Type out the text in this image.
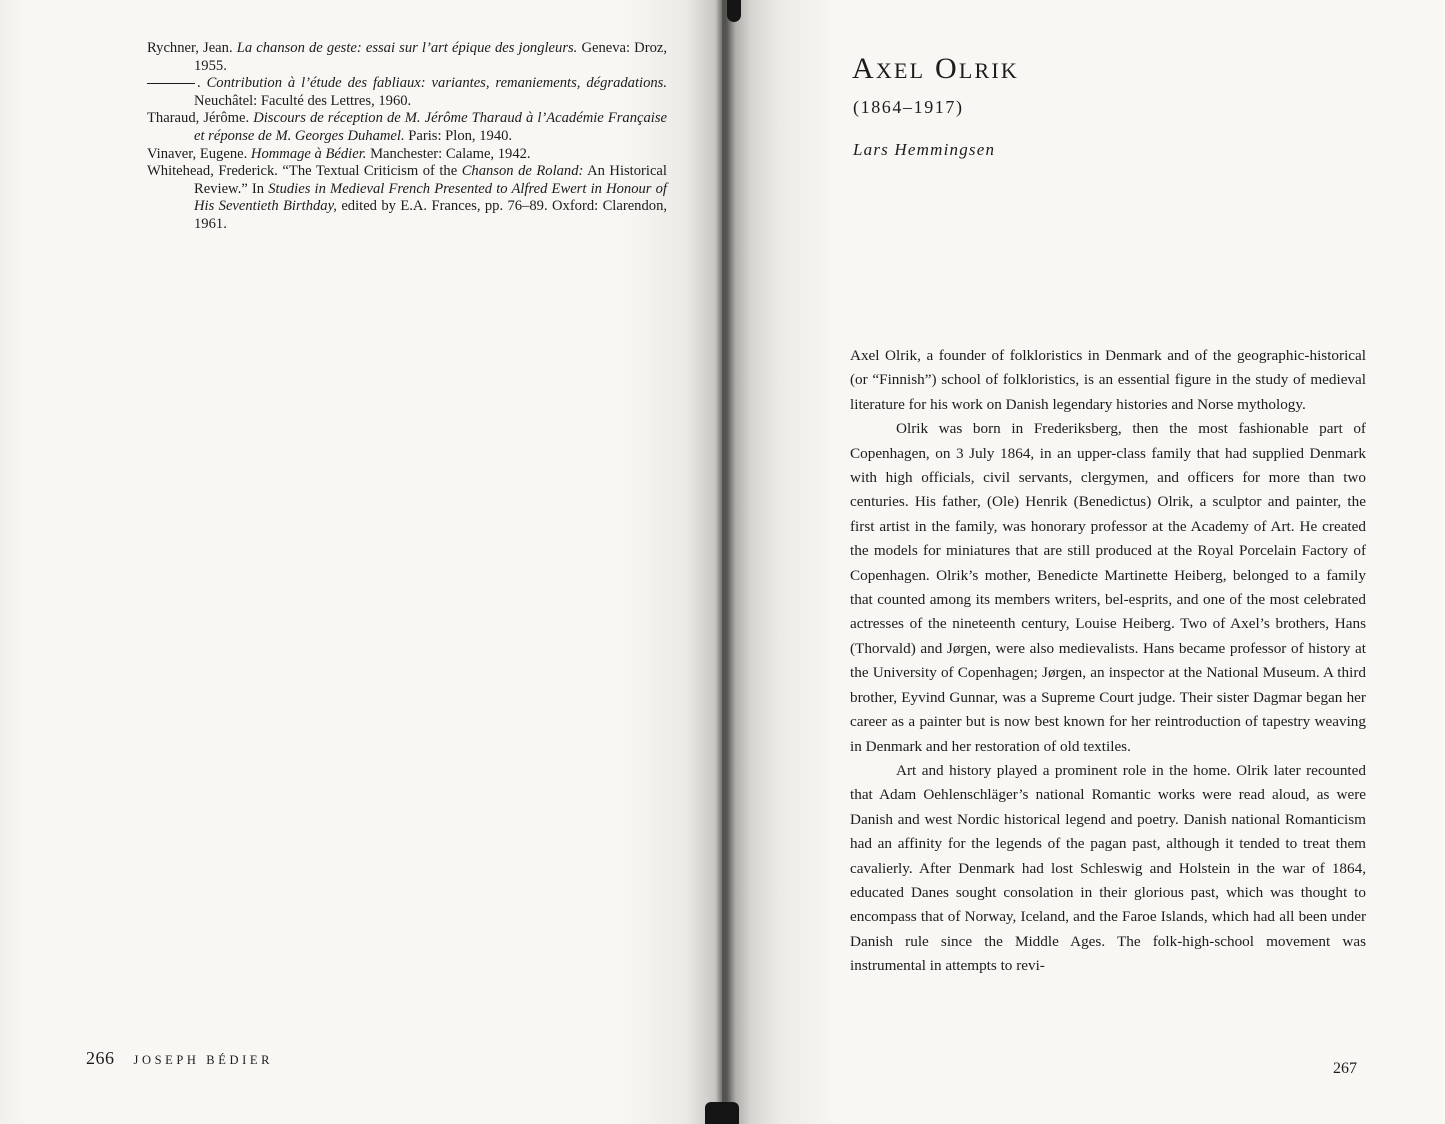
Rychner, Jean. La chanson de geste: essai sur l’art épique des jongleurs. Geneva: Droz, 1955.
. Contribution à l’étude des fabliaux: variantes, remaniements, dégradations. Neuchâtel: Faculté des Lettres, 1960.
Tharaud, Jérôme. Discours de réception de M. Jérôme Tharaud à l’Académie Française et réponse de M. Georges Duhamel. Paris: Plon, 1940.
Vinaver, Eugene. Hommage à Bédier. Manchester: Calame, 1942.
Whitehead, Frederick. “The Textual Criticism of the Chanson de Roland: An Historical Review.” In Studies in Medieval French Presented to Alfred Ewert in Honour of His Seventieth Birthday, edited by E.A. Frances, pp. 76–89. Oxford: Clarendon, 1961.
266 JOSEPH BÉDIER
AXEL OLRIK

(1864–1917)

Lars Hemmingsen

Axel Olrik, a founder of folkloristics in Denmark and of the geographic-historical (or “Finnish”) school of folkloristics, is an essential figure in the study of medieval literature for his work on Danish legendary histories and Norse mythology.

Olrik was born in Frederiksberg, then the most fashionable part of Copenhagen, on 3 July 1864, in an upper-class family that had supplied Denmark with high officials, civil servants, clergymen, and officers for more than two centuries. His father, (Ole) Henrik (Benedictus) Olrik, a sculptor and painter, the first artist in the family, was honorary professor at the Academy of Art. He created the models for miniatures that are still produced at the Royal Porcelain Factory of Copenhagen. Olrik’s mother, Benedicte Martinette Heiberg, belonged to a family that counted among its members writers, bel-esprits, and one of the most celebrated actresses of the nineteenth century, Louise Heiberg. Two of Axel’s brothers, Hans (Thorvald) and Jørgen, were also medievalists. Hans became professor of history at the University of Copenhagen; Jørgen, an inspector at the National Museum. A third brother, Eyvind Gunnar, was a Supreme Court judge. Their sister Dagmar began her career as a painter but is now best known for her reintroduction of tapestry weaving in Denmark and her restoration of old textiles.

Art and history played a prominent role in the home. Olrik later recounted that Adam Oehlenschläger’s national Romantic works were read aloud, as were Danish and west Nordic historical legend and poetry. Danish national Romanticism had an affinity for the legends of the pagan past, although it tended to treat them cavalierly. After Denmark had lost Schleswig and Holstein in the war of 1864, educated Danes sought consolation in their glorious past, which was thought to encompass that of Norway, Iceland, and the Faroe Islands, which had all been under Danish rule since the Middle Ages. The folk-high-school movement was instrumental in attempts to revi-

267
